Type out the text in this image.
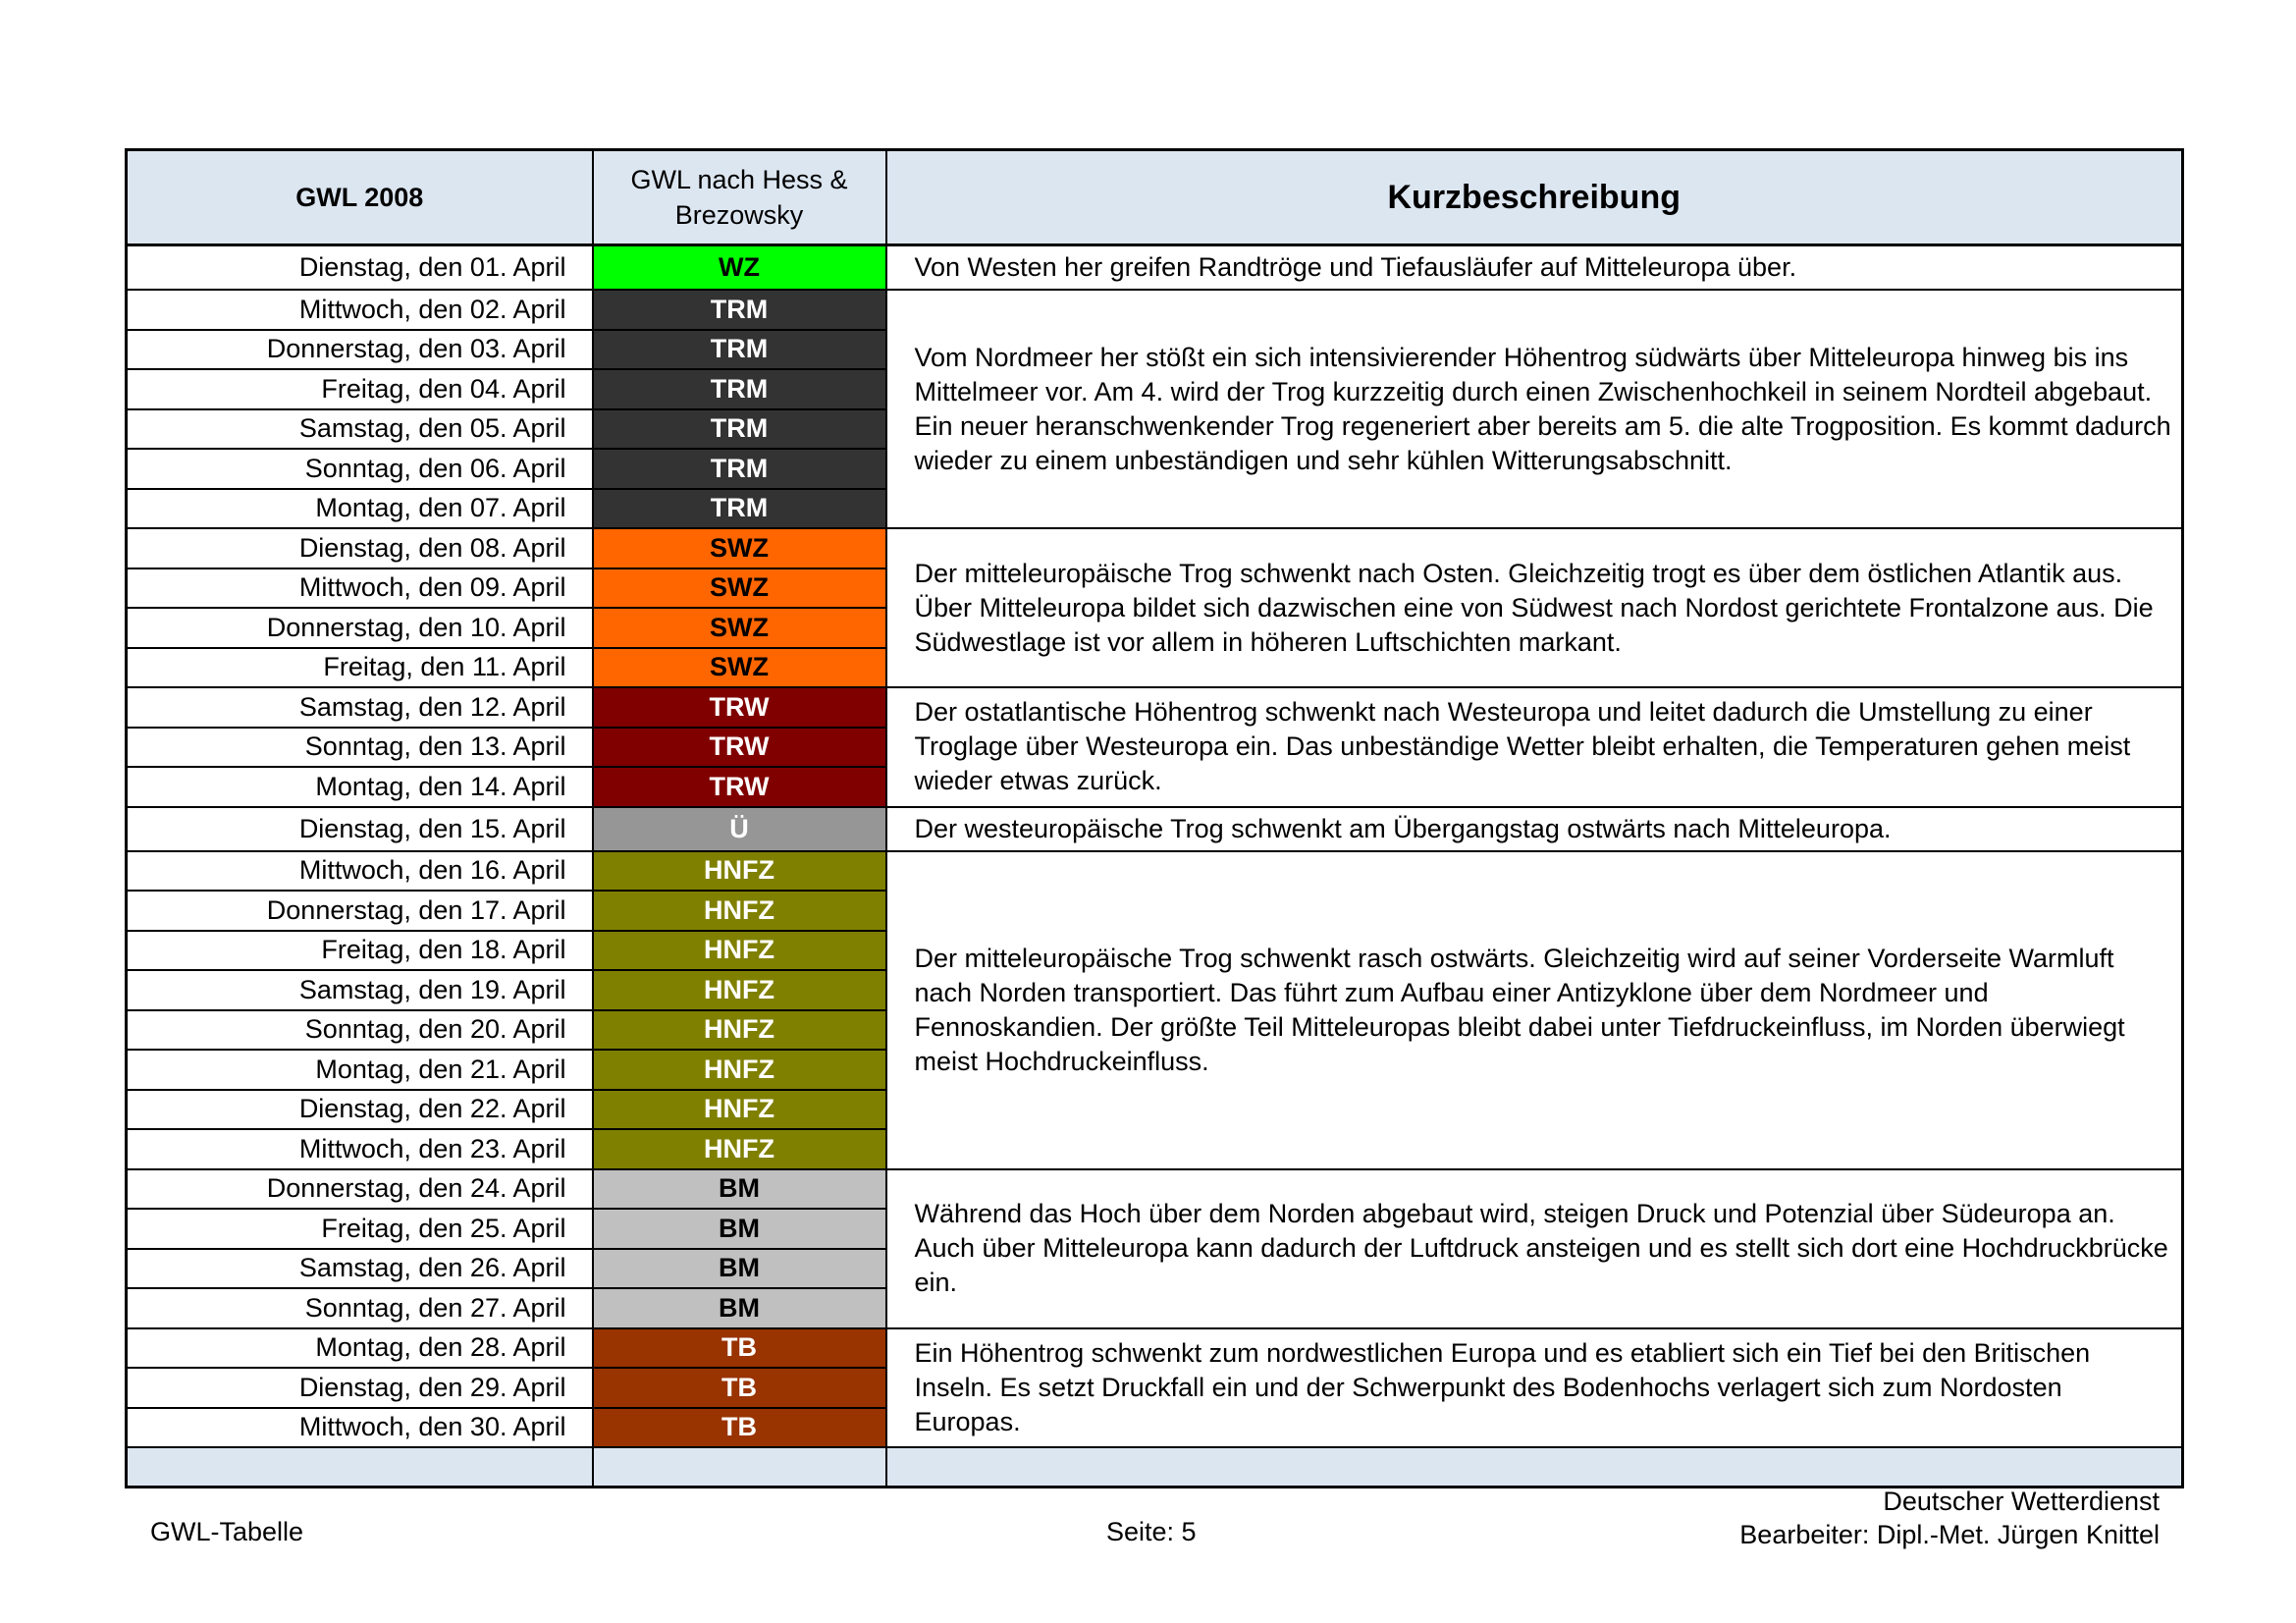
GWL 2008	GWL nach Hess &
Brezowsky	Kurzbeschreibung
Dienstag, den 01. April	WZ	Von Westen her greifen Randtröge und Tiefausläufer auf Mitteleuropa über.
Mittwoch, den 02. April	TRM	Vom Nordmeer her stößt ein sich intensivierender Höhentrog südwärts über Mitteleuropa hinweg bis ins Mittelmeer vor. Am 4. wird der Trog kurzzeitig durch einen Zwischenhochkeil in seinem Nordteil abgebaut. Ein neuer heranschwenkender Trog regeneriert aber bereits am 5. die alte Trogposition. Es kommt dadurch wieder zu einem unbeständigen und sehr kühlen Witterungsabschnitt.
Donnerstag, den 03. April	TRM	
Freitag, den 04. April	TRM	
Samstag, den 05. April	TRM	
Sonntag, den 06. April	TRM	
Montag, den 07. April	TRM	
Dienstag, den 08. April	SWZ	Der mitteleuropäische Trog schwenkt nach Osten. Gleichzeitig trogt es über dem östlichen Atlantik aus. Über Mitteleuropa bildet sich dazwischen eine von Südwest nach Nordost gerichtete Frontalzone aus. Die Südwestlage ist vor allem in höheren Luftschichten markant.
Mittwoch, den 09. April	SWZ	
Donnerstag, den 10. April	SWZ	
Freitag, den 11. April	SWZ	
Samstag, den 12. April	TRW	Der ostatlantische Höhentrog schwenkt nach Westeuropa und leitet dadurch die Umstellung zu einer Troglage über Westeuropa ein. Das unbeständige Wetter bleibt erhalten, die Temperaturen gehen meist wieder etwas zurück.
Sonntag, den 13. April	TRW	
Montag, den 14. April	TRW	
Dienstag, den 15. April	Ü	Der westeuropäische Trog schwenkt am Übergangstag ostwärts nach Mitteleuropa.
Mittwoch, den 16. April	HNFZ	Der mitteleuropäische Trog schwenkt rasch ostwärts. Gleichzeitig wird auf seiner Vorderseite Warmluft nach Norden transportiert. Das führt zum Aufbau einer Antizyklone über dem Nordmeer und Fennoskandien. Der größte Teil Mitteleuropas bleibt dabei unter Tiefdruckeinfluss, im Norden überwiegt meist Hochdruckeinfluss.
Donnerstag, den 17. April	HNFZ	
Freitag, den 18. April	HNFZ	
Samstag, den 19. April	HNFZ	
Sonntag, den 20. April	HNFZ	
Montag, den 21. April	HNFZ	
Dienstag, den 22. April	HNFZ	
Mittwoch, den 23. April	HNFZ	
Donnerstag, den 24. April	BM	Während das Hoch über dem Norden abgebaut wird, steigen Druck und Potenzial über Südeuropa an. Auch über Mitteleuropa kann dadurch der Luftdruck ansteigen und es stellt sich dort eine Hochdruckbrücke ein.
Freitag, den 25. April	BM	
Samstag, den 26. April	BM	
Sonntag, den 27. April	BM	
Montag, den 28. April	TB	Ein Höhentrog schwenkt zum nordwestlichen Europa und es etabliert sich ein Tief bei den Britischen Inseln. Es setzt Druckfall ein und der Schwerpunkt des Bodenhochs verlagert sich zum Nordosten Europas.
Dienstag, den 29. April	TB	
Mittwoch, den 30. April	TB	

GWL-Tabelle	Seite: 5
Deutscher Wetterdienst
Bearbeiter: Dipl.-Met. Jürgen Knittel
